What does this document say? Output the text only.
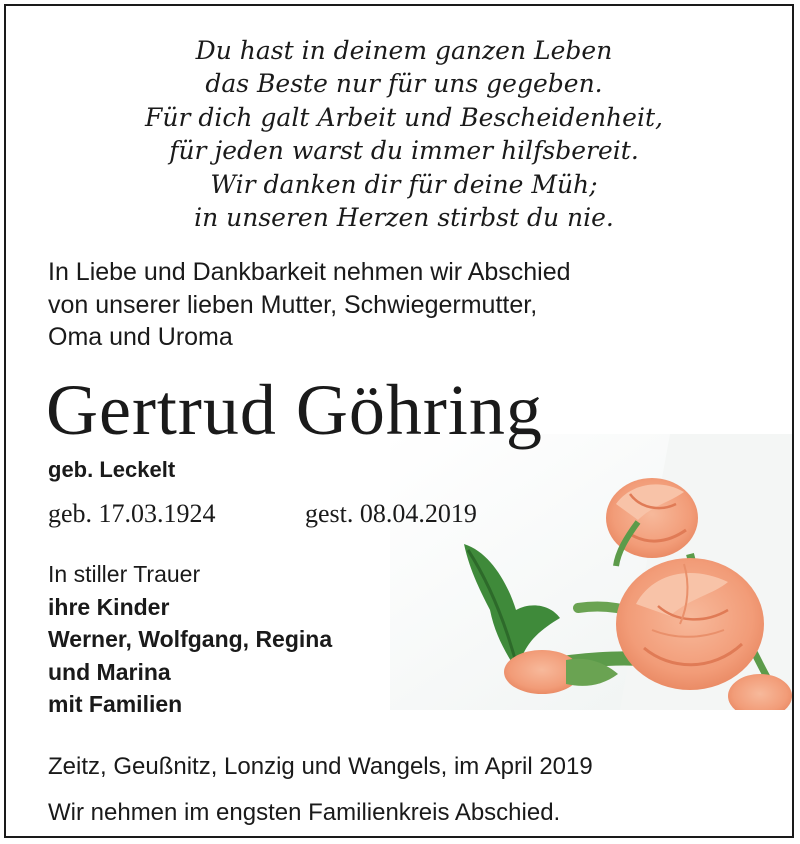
Du hast in deinem ganzen Leben
das Beste nur für uns gegeben.
Für dich galt Arbeit und Bescheidenheit,
für jeden warst du immer hilfsbereit.
Wir danken dir für deine Müh;
in unseren Herzen stirbst du nie.
In Liebe und Dankbarkeit nehmen wir Abschied
von unserer lieben Mutter, Schwiegermutter,
Oma und Uroma
Gertrud Göhring
geb. Leckelt
geb. 17.03.1924	gest. 08.04.2019
In stiller Trauer
ihre Kinder
Werner, Wolfgang, Regina
und Marina
mit Familien
Zeitz, Geußnitz, Lonzig und Wangels, im April 2019
Wir nehmen im engsten Familienkreis Abschied.
